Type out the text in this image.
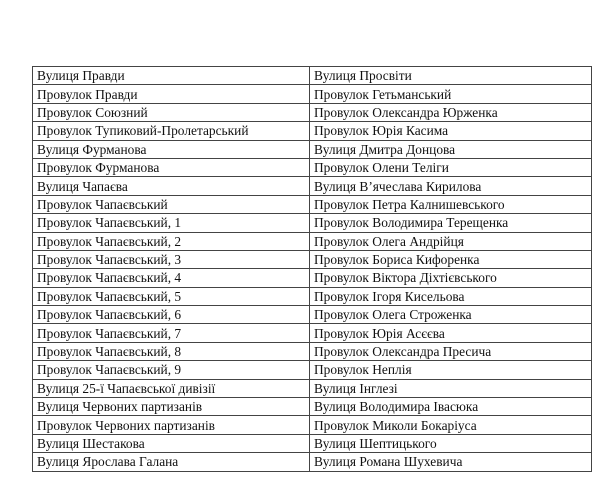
Вулиця Правди	Вулиця Просвіти
Провулок Правди	Провулок Гетьманський
Провулок Союзний	Провулок Олександра Юрженка
Провулок Тупиковий-Пролетарський	Провулок Юрія Касима
Вулиця Фурманова	Вулиця Дмитра Донцова
Провулок Фурманова	Провулок Олени Теліги
Вулиця Чапаєва	Вулиця В’ячеслава Кирилова
Провулок Чапаєвський	Провулок Петра Калнишевського
Провулок Чапаєвський, 1	Провулок Володимира Терещенка
Провулок Чапаєвський, 2	Провулок Олега Андрійця
Провулок Чапаєвський, 3	Провулок Бориса Кифоренка
Провулок Чапаєвський, 4	Провулок Віктора Діхтієвського
Провулок Чапаєвський, 5	Провулок Ігоря Кисельова
Провулок Чапаєвський, 6	Провулок Олега Строженка
Провулок Чапаєвський, 7	Провулок Юрія Асєєва
Провулок Чапаєвський, 8	Провулок Олександра Пресича
Провулок Чапаєвський, 9	Провулок Неплія
Вулиця 25-ї Чапаєвської дивізії	Вулиця Інглезі
Вулиця Червоних партизанів	Вулиця Володимира Івасюка
Провулок Червоних партизанів	Провулок Миколи Бокаріуса
Вулиця Шестакова	Вулиця Шептицького
Вулиця Ярослава Галана	Вулиця Романа Шухевича
